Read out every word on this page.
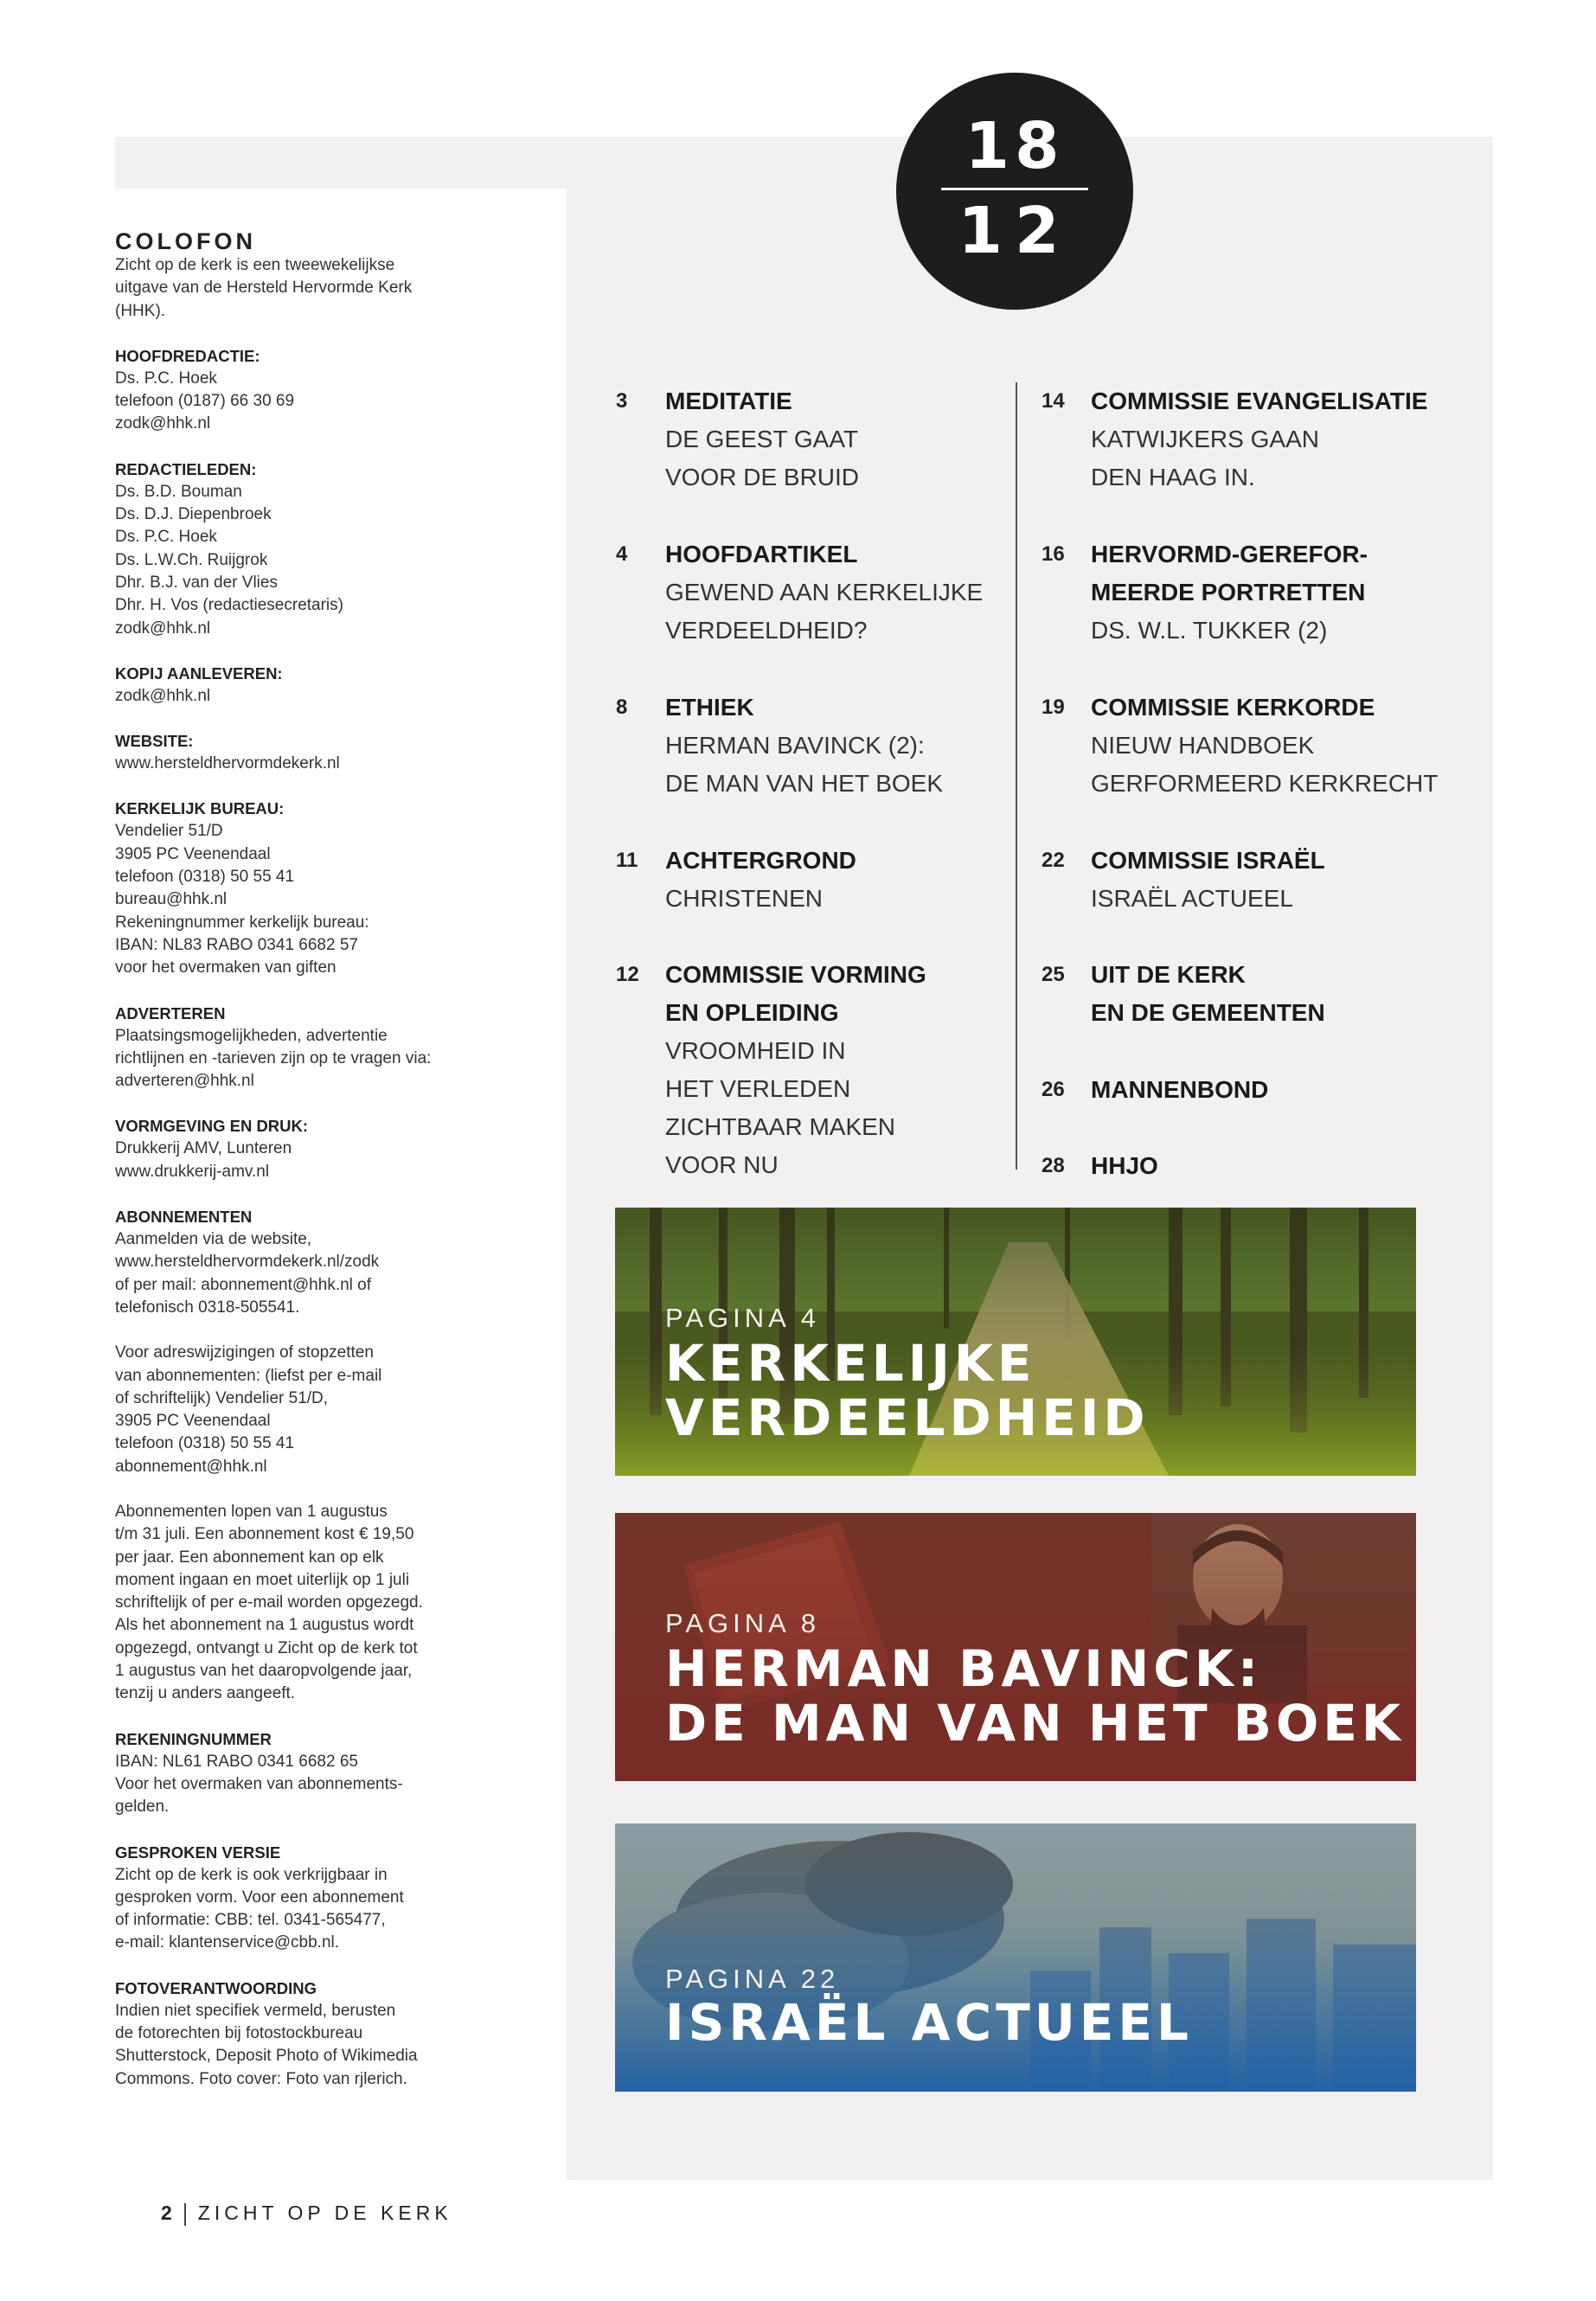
COLOFON
Zicht op de kerk is een tweewekelijkse
uitgave van de Hersteld Hervormde Kerk
(HHK).
HOOFDREDACTIE:
Ds. P.C. Hoek
telefoon (0187) 66 30 69
zodk@hhk.nl
REDACTIELEDEN:
Ds. B.D. Bouman
Ds. D.J. Diepenbroek
Ds. P.C. Hoek
Ds. L.W.Ch. Ruijgrok
Dhr. B.J. van der Vlies
Dhr. H. Vos (redactiesecretaris)
zodk@hhk.nl
KOPIJ AANLEVEREN:
zodk@hhk.nl
WEBSITE:
www.hersteldhervormdekerk.nl
KERKELIJK BUREAU:
Vendelier 51/D
3905 PC Veenendaal
telefoon (0318) 50 55 41
bureau@hhk.nl
Rekeningnummer kerkelijk bureau:
IBAN: NL83 RABO 0341 6682 57
voor het overmaken van giften
ADVERTEREN
Plaatsingsmogelijkheden, advertentie
richtlijnen en -tarieven zijn op te vragen via:
adverteren@hhk.nl
VORMGEVING EN DRUK:
Drukkerij AMV, Lunteren
www.drukkerij-amv.nl
ABONNEMENTEN
Aanmelden via de website,
www.hersteldhervormdekerk.nl/zodk
of per mail: abonnement@hhk.nl of
telefonisch 0318-505541.
Voor adreswijzigingen of stopzetten
van abonnementen: (liefst per e-mail
of schriftelijk) Vendelier 51/D,
3905 PC Veenendaal
telefoon (0318) 50 55 41
abonnement@hhk.nl
Abonnementen lopen van 1 augustus
t/m 31 juli. Een abonnement kost € 19,50
per jaar. Een abonnement kan op elk
moment ingaan en moet uiterlijk op 1 juli
schriftelijk of per e-mail worden opgezegd.
Als het abonnement na 1 augustus wordt
opgezegd, ontvangt u Zicht op de kerk tot
1 augustus van het daaropvolgende jaar,
tenzij u anders aangeeft.
REKENINGNUMMER
IBAN: NL61 RABO 0341 6682 65
Voor het overmaken van abonnements-
gelden.
GESPROKEN VERSIE
Zicht op de kerk is ook verkrijgbaar in
gesproken vorm. Voor een abonnement
of informatie: CBB: tel. 0341-565477,
e-mail: klantenservice@cbb.nl.
FOTOVERANTWOORDING
Indien niet specifiek vermeld, berusten
de fotorechten bij fotostockbureau
Shutterstock, Deposit Photo of Wikimedia
Commons. Foto cover: Foto van rjlerich.
18
12
3 MEDITATIE
DE GEEST GAAT
VOOR DE BRUID
4 HOOFDARTIKEL
GEWEND AAN KERKELIJKE
VERDEELDHEID?
8 ETHIEK
HERMAN BAVINCK (2):
DE MAN VAN HET BOEK
11 ACHTERGROND
CHRISTENEN
12 COMMISSIE VORMING
EN OPLEIDING
VROOMHEID IN
HET VERLEDEN
ZICHTBAAR MAKEN
VOOR NU
14 COMMISSIE EVANGELISATIE
KATWIJKERS GAAN
DEN HAAG IN.
16 HERVORMD-GEREFOR-
MEERDE PORTRETTEN
DS. W.L. TUKKER (2)
19 COMMISSIE KERKORDE
NIEUW HANDBOEK
GERFORMEERD KERKRECHT
22 COMMISSIE ISRAËL
ISRAËL ACTUEEL
25 UIT DE KERK
EN DE GEMEENTEN
26 MANNENBOND
28 HHJO
PAGINA 4
KERKELIJKE
VERDEELDHEID
PAGINA 8
HERMAN BAVINCK:
DE MAN VAN HET BOEK
PAGINA 22
ISRAËL ACTUEEL
2 ZICHT OP DE KERK
